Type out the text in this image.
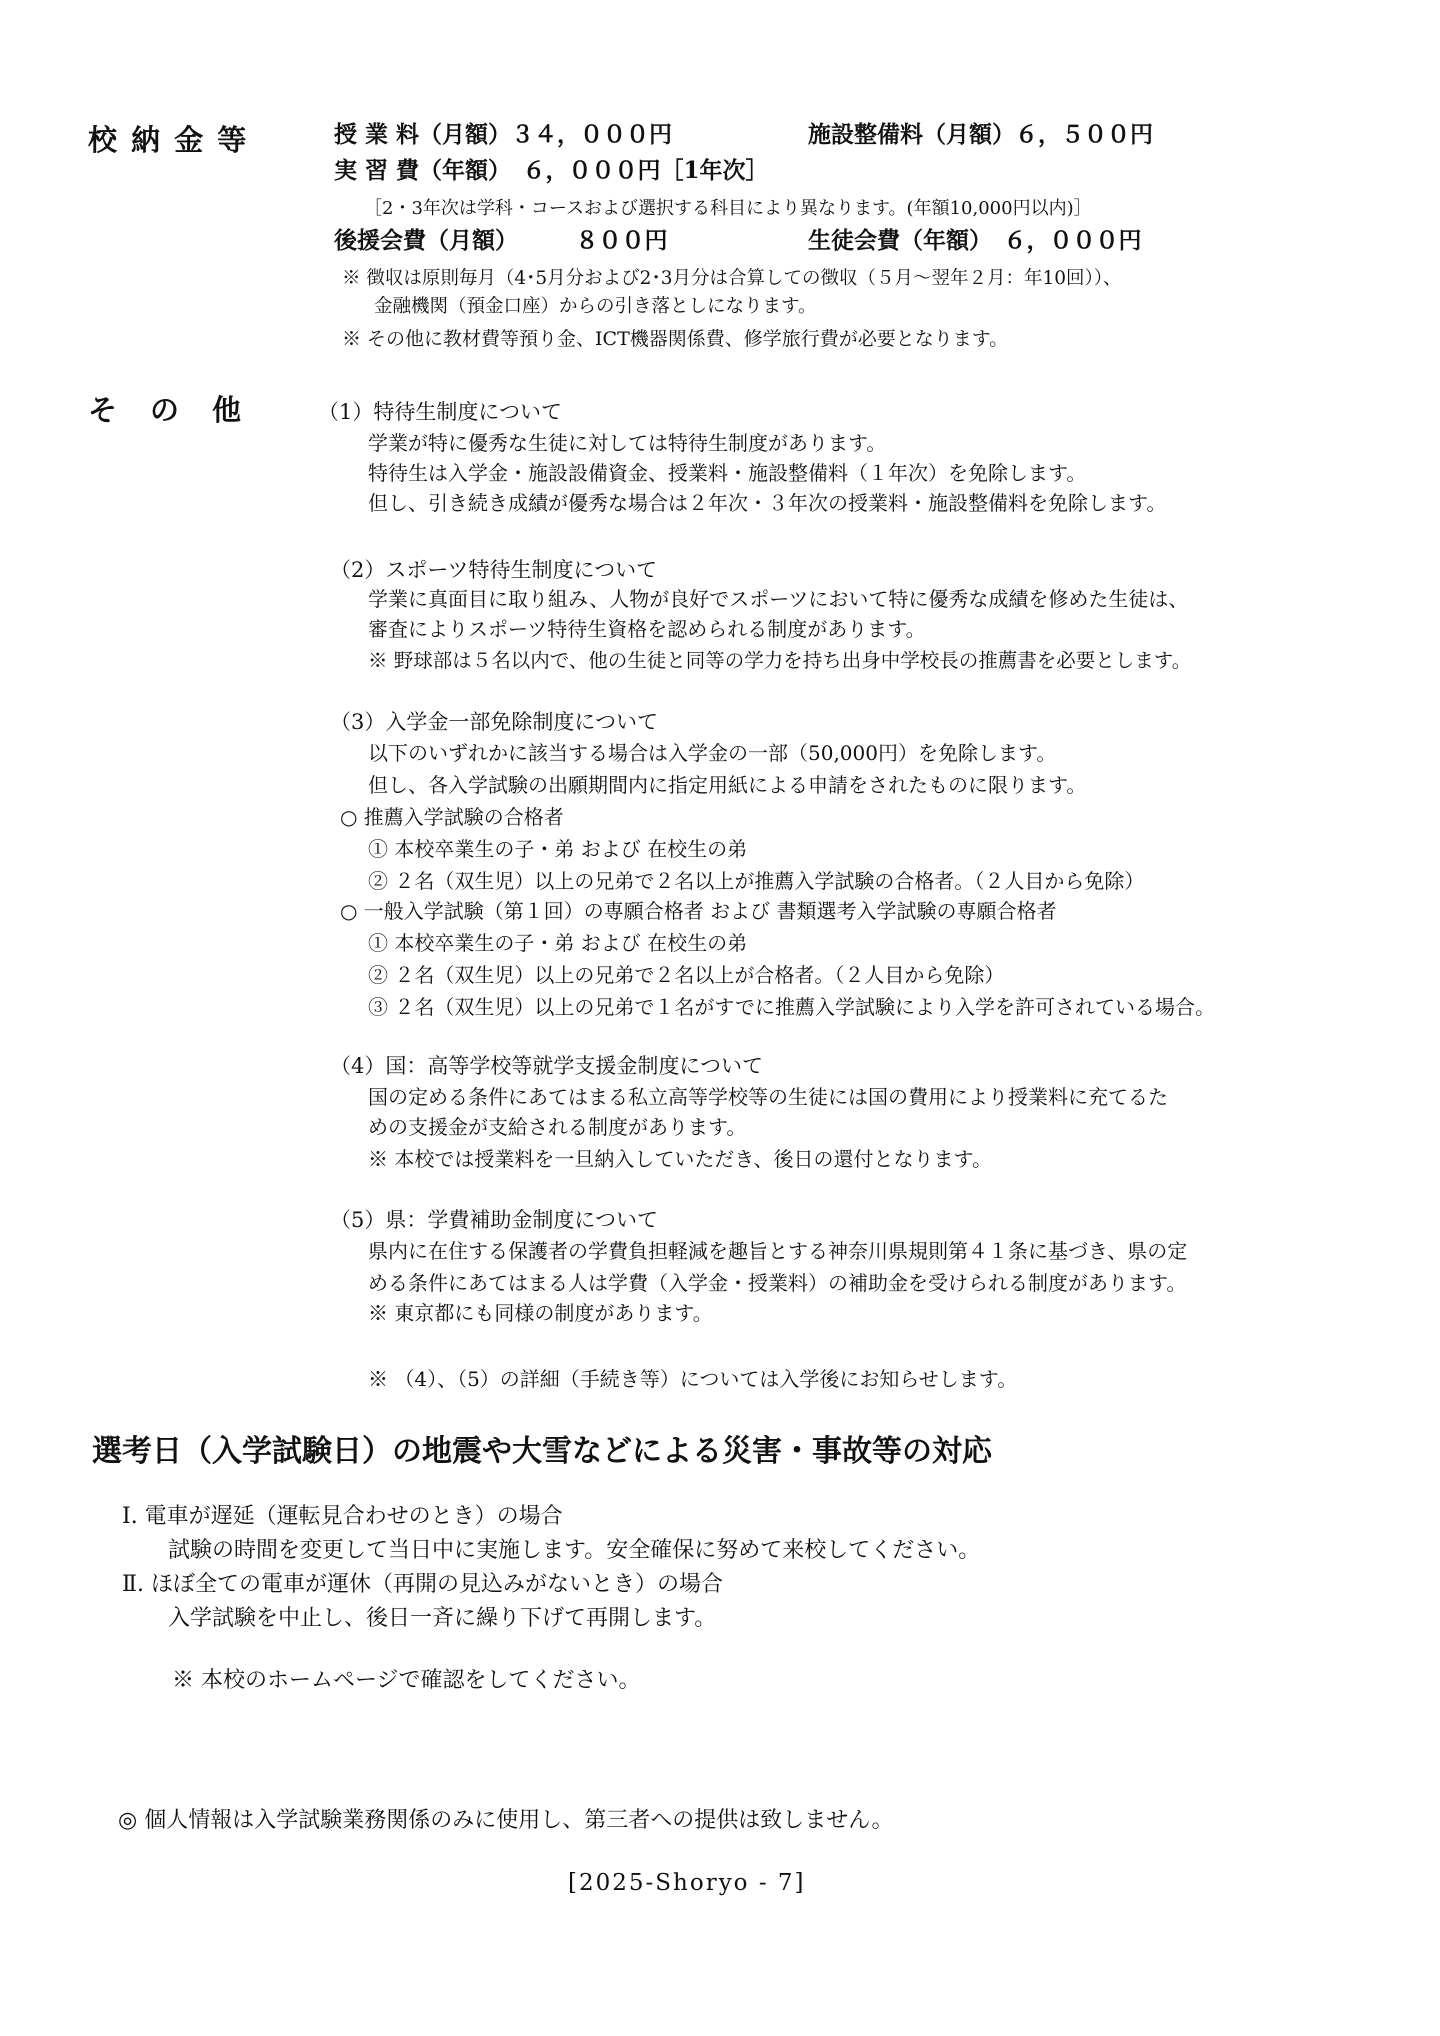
校 納 金 等	授 業 料（月額）３４，０００円	施設整備料（月額）６，５００円
実 習 費（年額）　６，０００円［1年次］
［2・3年次は学科・コースおよび選択する科目により異なります。(年額10,000円以内)］
後援会費（月額）　　　８００円	生徒会費（年額）　６，０００円
※ 徴収は原則毎月（4･5月分および2･3月分は合算しての徴収（５月～翌年２月：年10回））、
金融機関（預金口座）からの引き落としになります。
※ その他に教材費等預り金、ICT機器関係費、修学旅行費が必要となります。
そ　の　他	（1）特待生制度について
学業が特に優秀な生徒に対しては特待生制度があります。
特待生は入学金・施設設備資金、授業料・施設整備料（１年次）を免除します。
但し、引き続き成績が優秀な場合は２年次・３年次の授業料・施設整備料を免除します。
（2）スポーツ特待生制度について
学業に真面目に取り組み、人物が良好でスポーツにおいて特に優秀な成績を修めた生徒は、
審査によりスポーツ特待生資格を認められる制度があります。
※ 野球部は５名以内で、他の生徒と同等の学力を持ち出身中学校長の推薦書を必要とします。
（3）入学金一部免除制度について
以下のいずれかに該当する場合は入学金の一部（50,000円）を免除します。
但し、各入学試験の出願期間内に指定用紙による申請をされたものに限ります。
○ 推薦入学試験の合格者
① 本校卒業生の子・弟 および 在校生の弟
② ２名（双生児）以上の兄弟で２名以上が推薦入学試験の合格者。（２人目から免除）
○ 一般入学試験（第１回）の専願合格者 および 書類選考入学試験の専願合格者
① 本校卒業生の子・弟 および 在校生の弟
② ２名（双生児）以上の兄弟で２名以上が合格者。（２人目から免除）
③ ２名（双生児）以上の兄弟で１名がすでに推薦入学試験により入学を許可されている場合。
（4）国：高等学校等就学支援金制度について
国の定める条件にあてはまる私立高等学校等の生徒には国の費用により授業料に充てるた
めの支援金が支給される制度があります。
※ 本校では授業料を一旦納入していただき、後日の還付となります。
（5）県：学費補助金制度について
県内に在住する保護者の学費負担軽減を趣旨とする神奈川県規則第４１条に基づき、県の定
める条件にあてはまる人は学費（入学金・授業料）の補助金を受けられる制度があります。
※ 東京都にも同様の制度があります。
※ （4）、（5）の詳細（手続き等）については入学後にお知らせします。
選考日（入学試験日）の地震や大雪などによる災害・事故等の対応
Ⅰ. 電車が遅延（運転見合わせのとき）の場合
試験の時間を変更して当日中に実施します。安全確保に努めて来校してください。
Ⅱ. ほぼ全ての電車が運休（再開の見込みがないとき）の場合
入学試験を中止し、後日一斉に繰り下げて再開します。
※ 本校のホームページで確認をしてください。
◎ 個人情報は入学試験業務関係のみに使用し、第三者への提供は致しません。
[2025-Shoryo - 7]
